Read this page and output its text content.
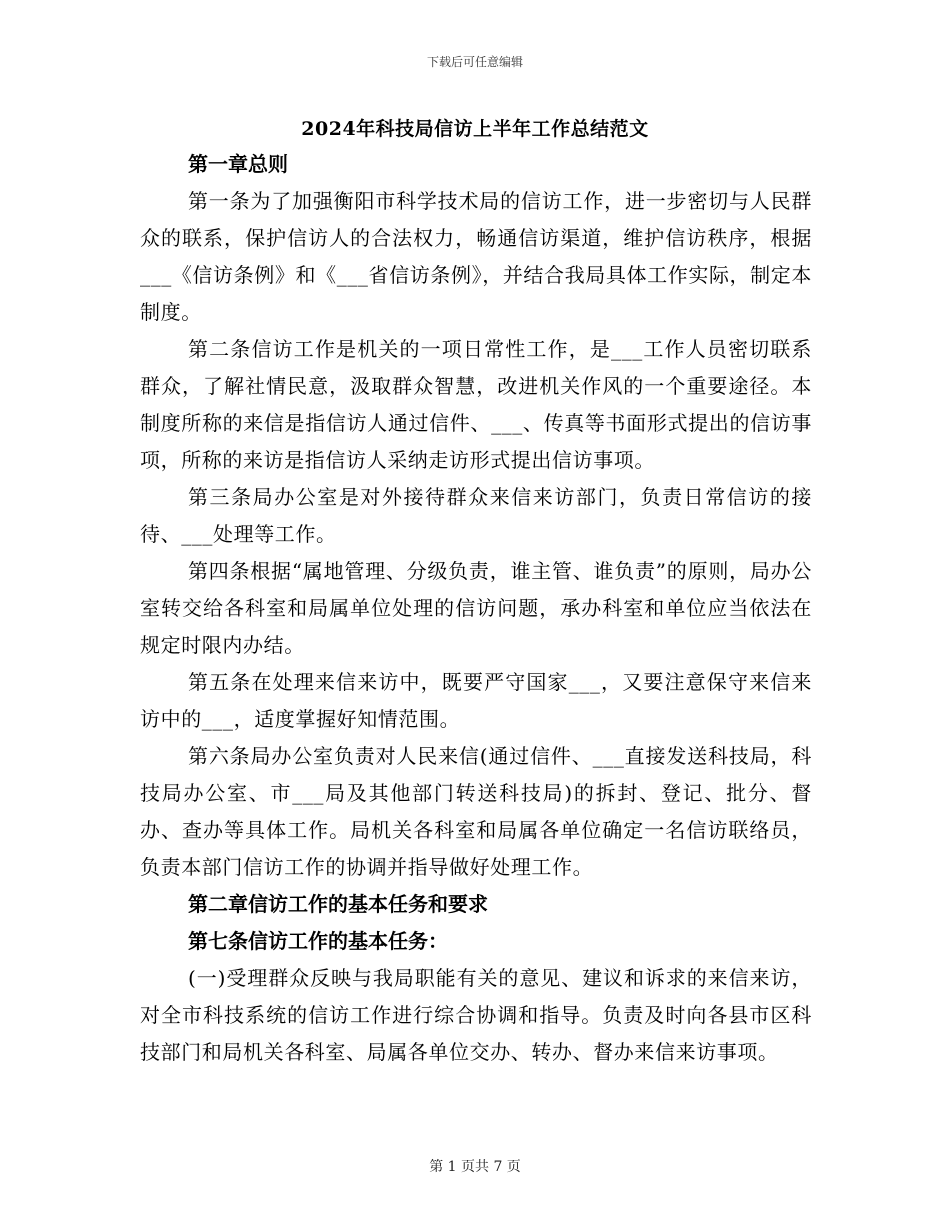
下载后可任意编辑
2024年科技局信访上半年工作总结范文

第一章总则

第一条为了加强衡阳市科学技术局的信访工作，进一步密切与人民群众的联系，保护信访人的合法权力，畅通信访渠道，维护信访秩序，根据___《信访条例》和《___省信访条例》，并结合我局具体工作实际，制定本制度。

第二条信访工作是机关的一项日常性工作，是___工作人员密切联系群众，了解社情民意，汲取群众智慧，改进机关作风的一个重要途径。本制度所称的来信是指信访人通过信件、___、传真等书面形式提出的信访事项，所称的来访是指信访人采纳走访形式提出信访事项。

第三条局办公室是对外接待群众来信来访部门，负责日常信访的接待、___处理等工作。

第四条根据“属地管理、分级负责，谁主管、谁负责”的原则，局办公室转交给各科室和局属单位处理的信访问题，承办科室和单位应当依法在规定时限内办结。

第五条在处理来信来访中，既要严守国家___，又要注意保守来信来访中的___，适度掌握好知情范围。

第六条局办公室负责对人民来信(通过信件、___直接发送科技局，科技局办公室、市___局及其他部门转送科技局)的拆封、登记、批分、督办、查办等具体工作。局机关各科室和局属各单位确定一名信访联络员，负责本部门信访工作的协调并指导做好处理工作。

第二章信访工作的基本任务和要求

第七条信访工作的基本任务：

(一)受理群众反映与我局职能有关的意见、建议和诉求的来信来访，对全市科技系统的信访工作进行综合协调和指导。负责及时向各县市区科技部门和局机关各科室、局属各单位交办、转办、督办来信来访事项。

第 1 页共 7 页
